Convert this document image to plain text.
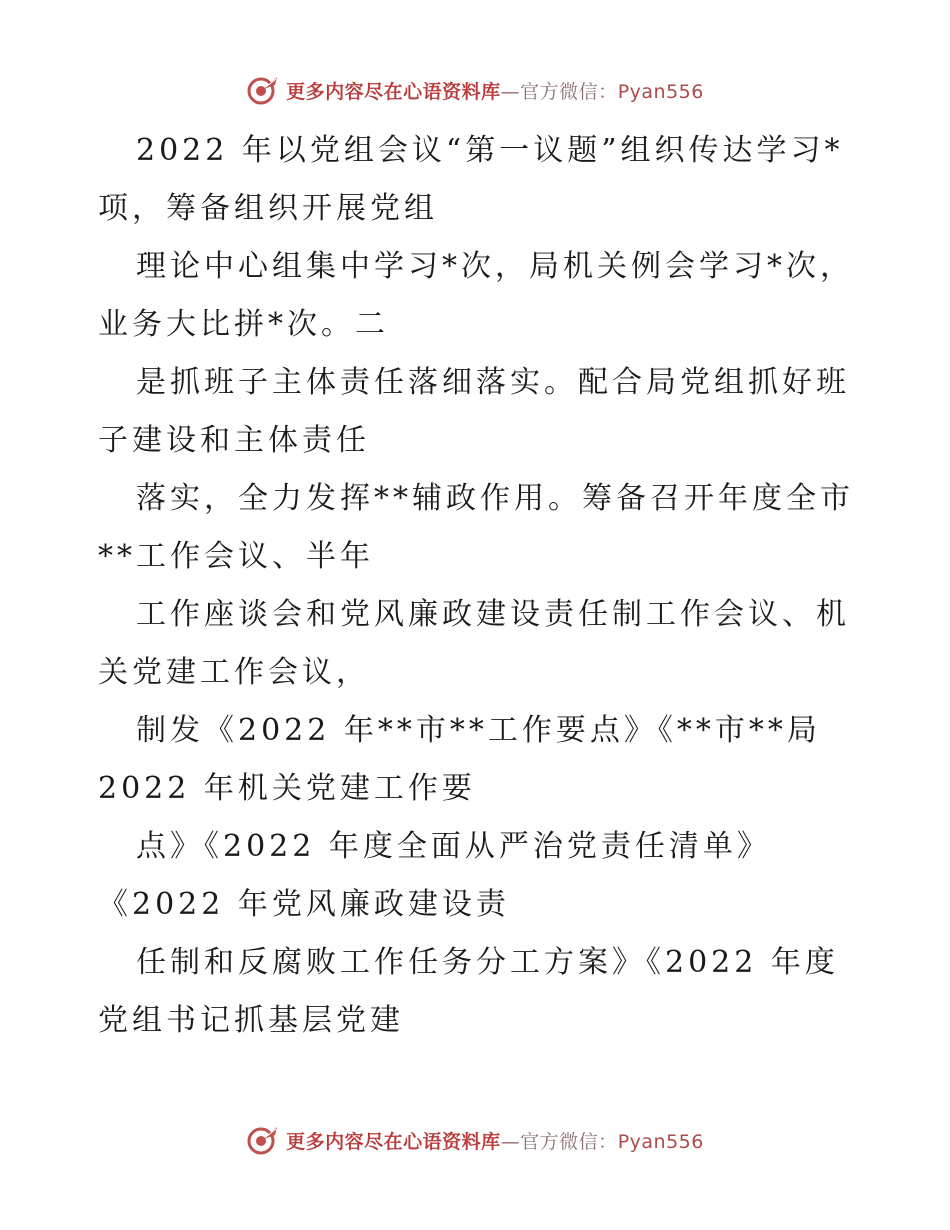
更多内容尽在心语资料库—官方微信：Pyan556
2022 年以党组会议“第一议题”组织传达学习*
项，筹备组织开展党组
理论中心组集中学习*次，局机关例会学习*次，
业务大比拼*次。二
是抓班子主体责任落细落实。配合局党组抓好班
子建设和主体责任
落实，全力发挥**辅政作用。筹备召开年度全市
**工作会议、半年
工作座谈会和党风廉政建设责任制工作会议、机
关党建工作会议，
制发《2022 年**市**工作要点》《**市**局
2022 年机关党建工作要
点》《2022 年度全面从严治党责任清单》
《2022 年党风廉政建设责
任制和反腐败工作任务分工方案》《2022 年度
党组书记抓基层党建
更多内容尽在心语资料库—官方微信：Pyan556
